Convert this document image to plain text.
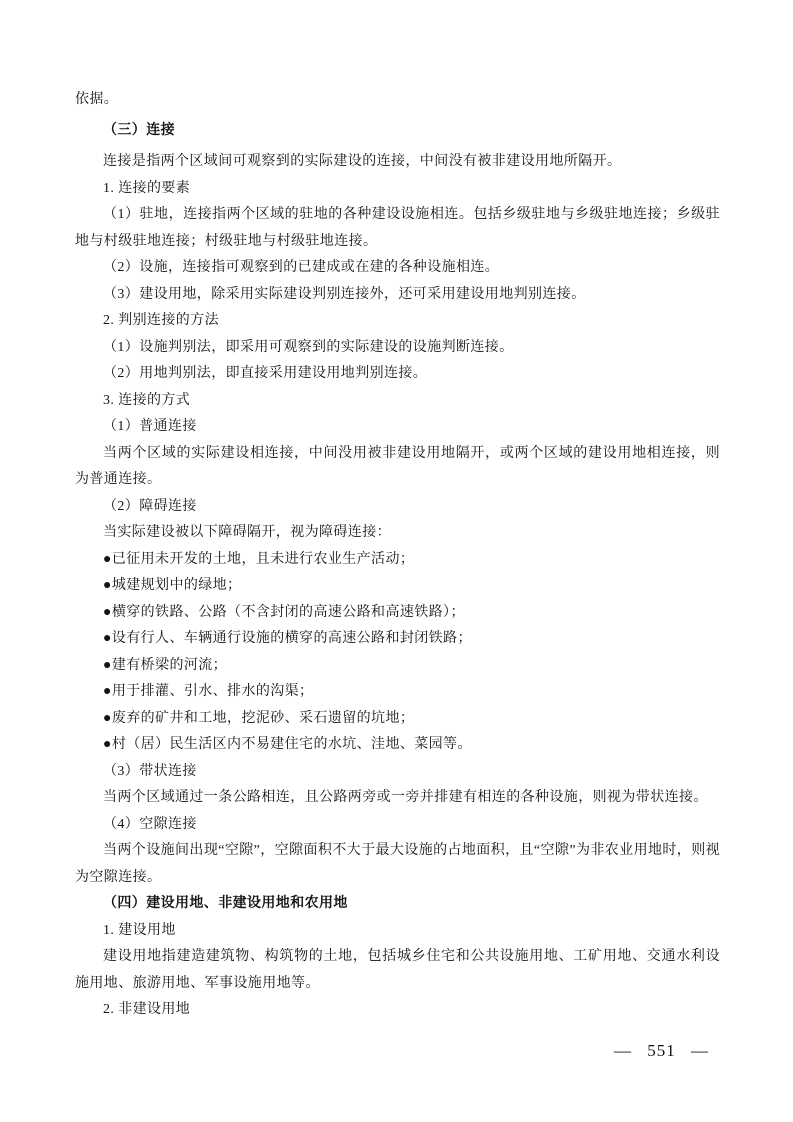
依据。

（三）连接

连接是指两个区域间可观察到的实际建设的连接，中间没有被非建设用地所隔开。

1. 连接的要素

（1）驻地，连接指两个区域的驻地的各种建设设施相连。包括乡级驻地与乡级驻地连接；乡级驻地与村级驻地连接；村级驻地与村级驻地连接。

（2）设施，连接指可观察到的已建成或在建的各种设施相连。

（3）建设用地，除采用实际建设判别连接外，还可采用建设用地判别连接。

2. 判别连接的方法

（1）设施判别法，即采用可观察到的实际建设的设施判断连接。

（2）用地判别法，即直接采用建设用地判别连接。

3. 连接的方式

（1）普通连接

当两个区域的实际建设相连接，中间没用被非建设用地隔开，或两个区域的建设用地相连接，则为普通连接。

（2）障碍连接

当实际建设被以下障碍隔开，视为障碍连接：

●已征用未开发的土地，且未进行农业生产活动；

●城建规划中的绿地；

●横穿的铁路、公路（不含封闭的高速公路和高速铁路）；

●设有行人、车辆通行设施的横穿的高速公路和封闭铁路；

●建有桥梁的河流；

●用于排灌、引水、排水的沟渠；

●废弃的矿井和工地，挖泥砂、采石遗留的坑地；

●村（居）民生活区内不易建住宅的水坑、洼地、菜园等。

（3）带状连接

当两个区域通过一条公路相连，且公路两旁或一旁并排建有相连的各种设施，则视为带状连接。

（4）空隙连接

当两个设施间出现“空隙”，空隙面积不大于最大设施的占地面积，且“空隙”为非农业用地时，则视为空隙连接。

（四）建设用地、非建设用地和农用地

1. 建设用地

建设用地指建造建筑物、构筑物的土地，包括城乡住宅和公共设施用地、工矿用地、交通水利设施用地、旅游用地、军事设施用地等。

2. 非建设用地

— 551 —
